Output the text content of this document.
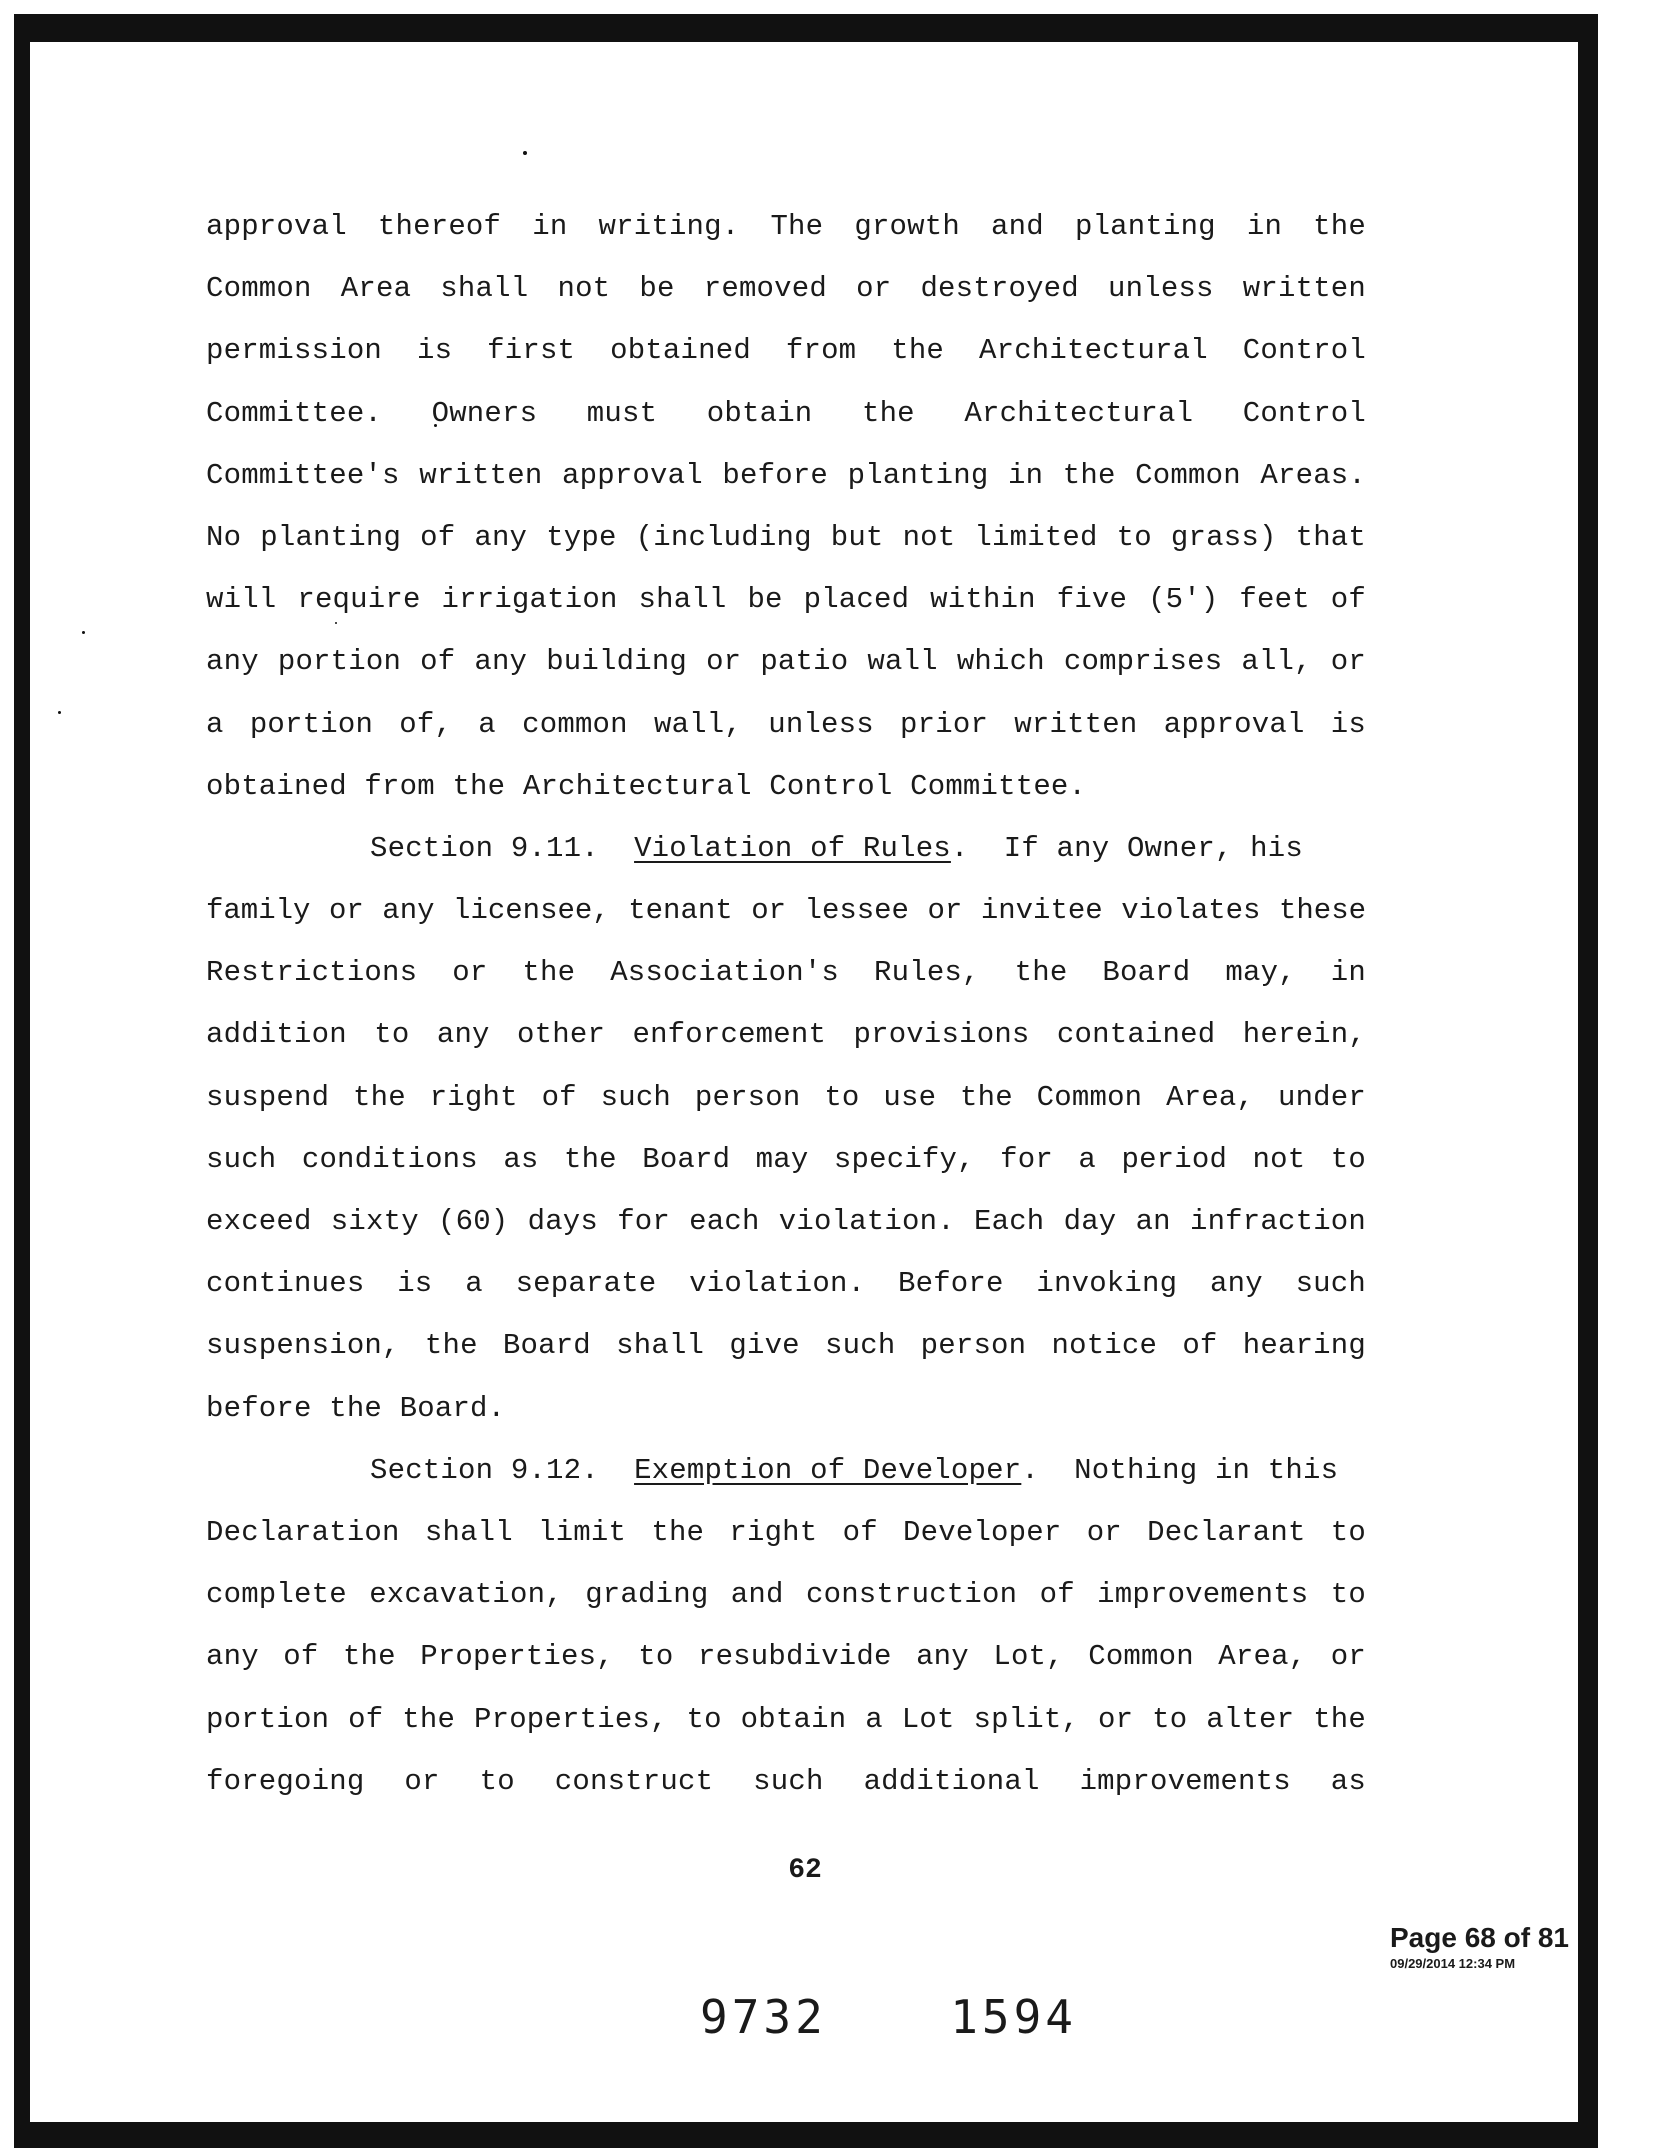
approval thereof in writing. The growth and planting in the
Common Area shall not be removed or destroyed unless written
permission is first obtained from the Architectural Control
Committee. Owners must obtain the Architectural Control
Committee's written approval before planting in the Common Areas.
No planting of any type (including but not limited to grass) that
will require irrigation shall be placed within five (5') feet of
any portion of any building or patio wall which comprises all, or
a portion of, a common wall, unless prior written approval is
obtained from the Architectural Control Committee.
Section 9.11. Violation of Rules.  If any Owner, his
family or any licensee, tenant or lessee or invitee violates these
Restrictions or the Association's Rules, the Board may, in
addition to any other enforcement provisions contained herein,
suspend the right of such person to use the Common Area, under
such conditions as the Board may specify, for a period not to
exceed sixty (60) days for each violation. Each day an infraction
continues is a separate violation. Before invoking any such
suspension, the Board shall give such person notice of hearing
before the Board.
Section 9.12. Exemption of Developer.  Nothing in this
Declaration shall limit the right of Developer or Declarant to
complete excavation, grading and construction of improvements to
any of the Properties, to resubdivide any Lot, Common Area, or
portion of the Properties, to obtain a Lot split, or to alter the
foregoing or to construct such additional improvements as
62
Page 68 of 81
09/29/2014 12:34 PM
9732	1594
